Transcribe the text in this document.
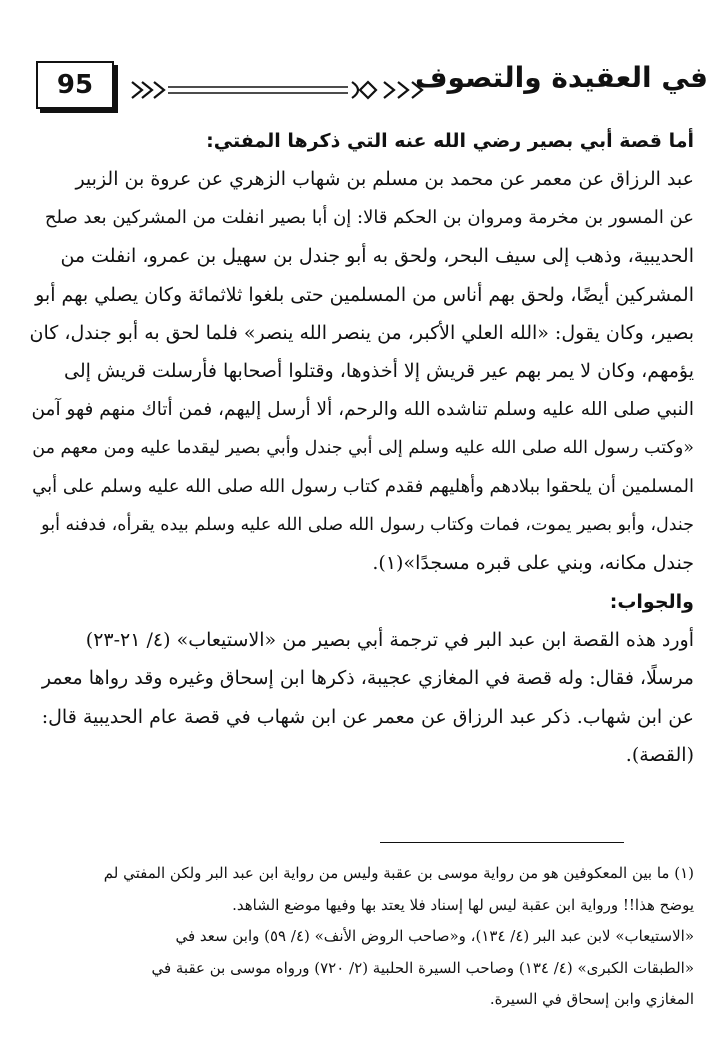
95	في العقيدة والتصوف
أما قصة أبي بصير رضي الله عنه التي ذكرها المفتي:
عبد الرزاق عن معمر عن محمد بن مسلم بن شهاب الزهري عن عروة بن الزبير
عن المسور بن مخرمة ومروان بن الحكم قالا: إن أبا بصير انفلت من المشركين بعد صلح
الحديبية، وذهب إلى سيف البحر، ولحق به أبو جندل بن سهيل بن عمرو، انفلت من
المشركين أيضًا، ولحق بهم أناس من المسلمين حتى بلغوا ثلاثمائة وكان يصلي بهم أبو
بصير، وكان يقول: «الله العلي الأكبر، من ينصر الله ينصر» فلما لحق به أبو جندل، كان
يؤمهم، وكان لا يمر بهم عير قريش إلا أخذوها، وقتلوا أصحابها فأرسلت قريش إلى
النبي صلى الله عليه وسلم تناشده الله والرحم، ألا أرسل إليهم، فمن أتاك منهم فهو آمن
«وكتب رسول الله صلى الله عليه وسلم إلى أبي جندل وأبي بصير ليقدما عليه ومن معهم من
المسلمين أن يلحقوا ببلادهم وأهليهم فقدم كتاب رسول الله صلى الله عليه وسلم على أبي
جندل، وأبو بصير يموت، فمات وكتاب رسول الله صلى الله عليه وسلم بيده يقرأه، فدفنه أبو
جندل مكانه، وبني على قبره مسجدًا»(١).
والجواب:
أورد هذه القصة ابن عبد البر في ترجمة أبي بصير من «الاستيعاب» (٤/ ٢١-٢٣)
مرسلًا، فقال: وله قصة في المغازي عجيبة، ذكرها ابن إسحاق وغيره وقد رواها معمر
عن ابن شهاب. ذكر عبد الرزاق عن معمر عن ابن شهاب في قصة عام الحديبية قال:
(القصة).
(١) ما بين المعكوفين هو من رواية موسى بن عقبة وليس من رواية ابن عبد البر ولكن المفتي لم
يوضح هذا!! ورواية ابن عقبة ليس لها إسناد فلا يعتد بها وفيها موضع الشاهد.
«الاستيعاب» لابن عبد البر (٤/ ١٣٤)، و«صاحب الروض الأنف» (٤/ ٥٩) وابن سعد في
«الطبقات الكبرى» (٤/ ١٣٤) وصاحب السيرة الحلبية (٢/ ٧٢٠) ورواه موسى بن عقبة في
المغازي وابن إسحاق في السيرة.
